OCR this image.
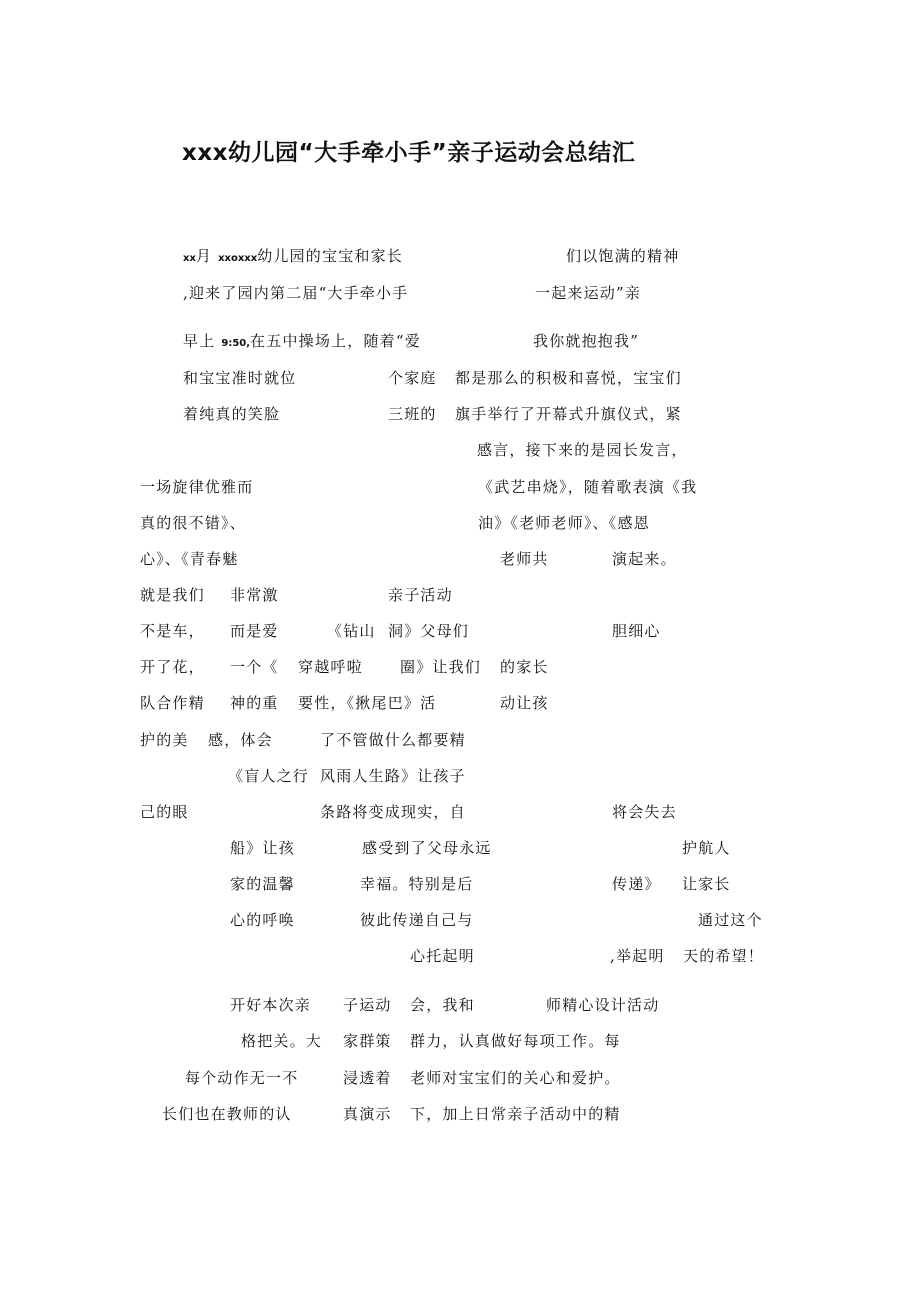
xxx幼儿园“大手牵小手”亲子运动会总结汇
xx月 xxoxxx幼儿园的宝宝和家长	们以饱满的精神
,迎来了园内第二届“大手牵小手	一起来运动”亲
早上 9:50,在五中操场上，随着“爱	我你就抱抱我”
和宝宝准时就位	个家庭 都是那么的积极和喜悦，宝宝们
着纯真的笑脸	三班的 旗手举行了开幕式升旗仪式，紧
感言，接下来的是园长发言，
一场旋律优雅而	《武艺串烧》，随着歌表演《我
真的很不错》、	油》《老师老师》、《感恩
心》、《青春魅	老师共	演起来。
就是我们 非常激	亲子活动
不是车， 而是爱	《钻山 洞》父母们	胆细心
开了花， 一个《 穿越呼啦 圈》让我们 的家长
队合作精 神的重 要性，《揪尾巴》活	动让孩
护的美 感，体会	了不管做什么都要精
《盲人之行 风雨人生路》让孩子
己的眼	条路将变成现实，自	将会失去
船》让孩	感受到了父母永远	护航人
家的温馨	幸福。特别是后	传递》 让家长
心的呼唤	彼此传递自己与	通过这个
心托起明	,举起明 天的希望！
开好本次亲 子运动 会，我和	师精心设计活动
格把关。大 家群策 群力，认真做好每项工作。每
每个动作无一不	浸透着 老师对宝宝们的关心和爱护。
长们也在教师的认	真演示 下，加上日常亲子活动中的精
